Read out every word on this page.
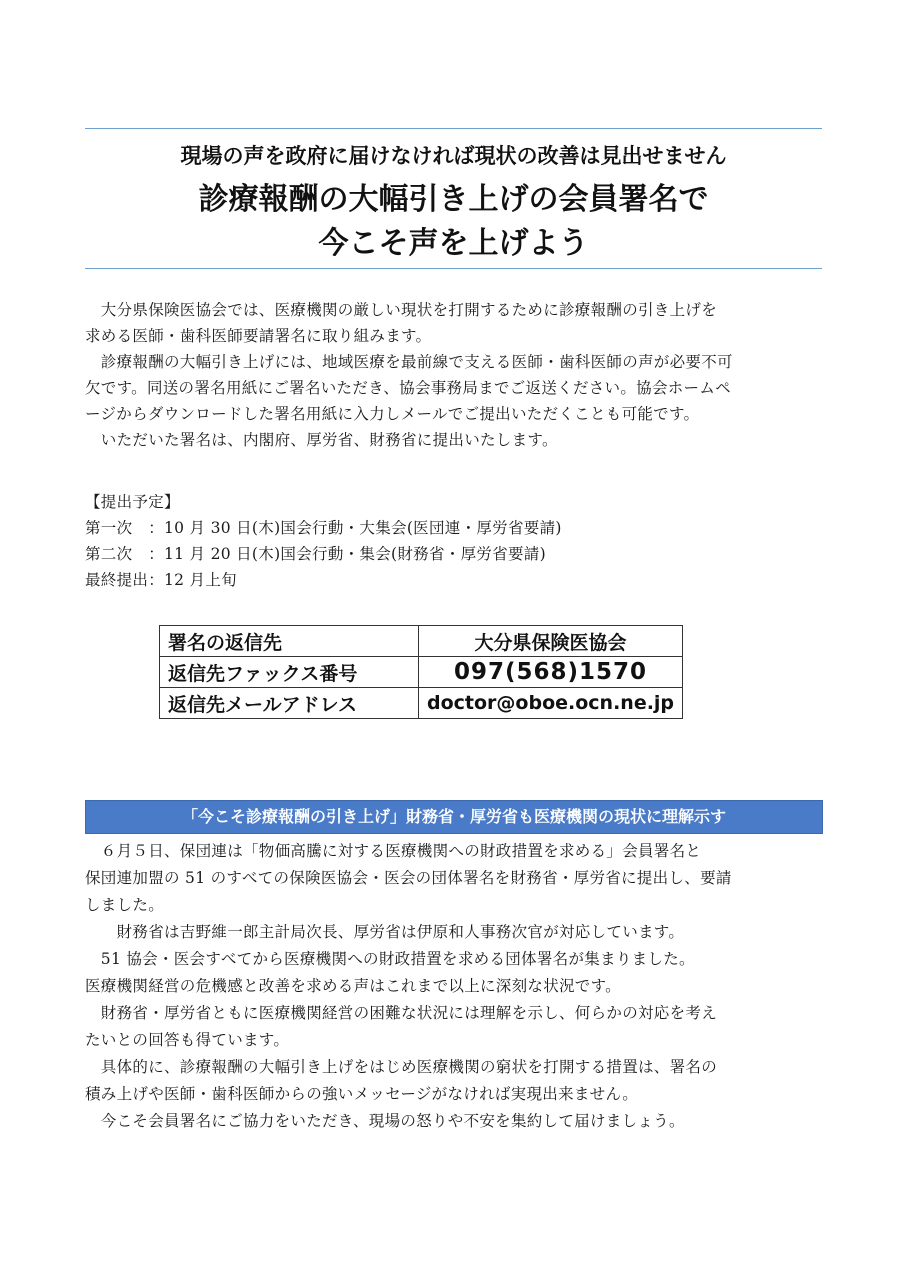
現場の声を政府に届けなければ現状の改善は見出せません
診療報酬の大幅引き上げの会員署名で
今こそ声を上げよう
　大分県保険医協会では、医療機関の厳しい現状を打開するために診療報酬の引き上げを
求める医師・歯科医師要請署名に取り組みます。
　診療報酬の大幅引き上げには、地域医療を最前線で支える医師・歯科医師の声が必要不可
欠です。同送の署名用紙にご署名いただき、協会事務局までご返送ください。協会ホームペ
ージからダウンロードした署名用紙に入力しメールでご提出いただくことも可能です。
　いただいた署名は、内閣府、厚労省、財務省に提出いたします。
【提出予定】
第一次　：10 月 30 日(木)国会行動・大集会(医団連・厚労省要請)
第二次　：11 月 20 日(木)国会行動・集会(財務省・厚労省要請)
最終提出：12 月上旬
署名の返信先	大分県保険医協会
返信先ファックス番号	097(568)1570
返信先メールアドレス	doctor@oboe.ocn.ne.jp
「今こそ診療報酬の引き上げ」財務省・厚労省も医療機関の現状に理解示す
　６月５日、保団連は「物価高騰に対する医療機関への財政措置を求める」会員署名と
保団連加盟の 51 のすべての保険医協会・医会の団体署名を財務省・厚労省に提出し、要請
しました。
　　財務省は吉野維一郎主計局次長、厚労省は伊原和人事務次官が対応しています。
　51 協会・医会すべてから医療機関への財政措置を求める団体署名が集まりました。
医療機関経営の危機感と改善を求める声はこれまで以上に深刻な状況です。
　財務省・厚労省ともに医療機関経営の困難な状況には理解を示し、何らかの対応を考え
たいとの回答も得ています。
　具体的に、診療報酬の大幅引き上げをはじめ医療機関の窮状を打開する措置は、署名の
積み上げや医師・歯科医師からの強いメッセージがなければ実現出来ません。
　今こそ会員署名にご協力をいただき、現場の怒りや不安を集約して届けましょう。
